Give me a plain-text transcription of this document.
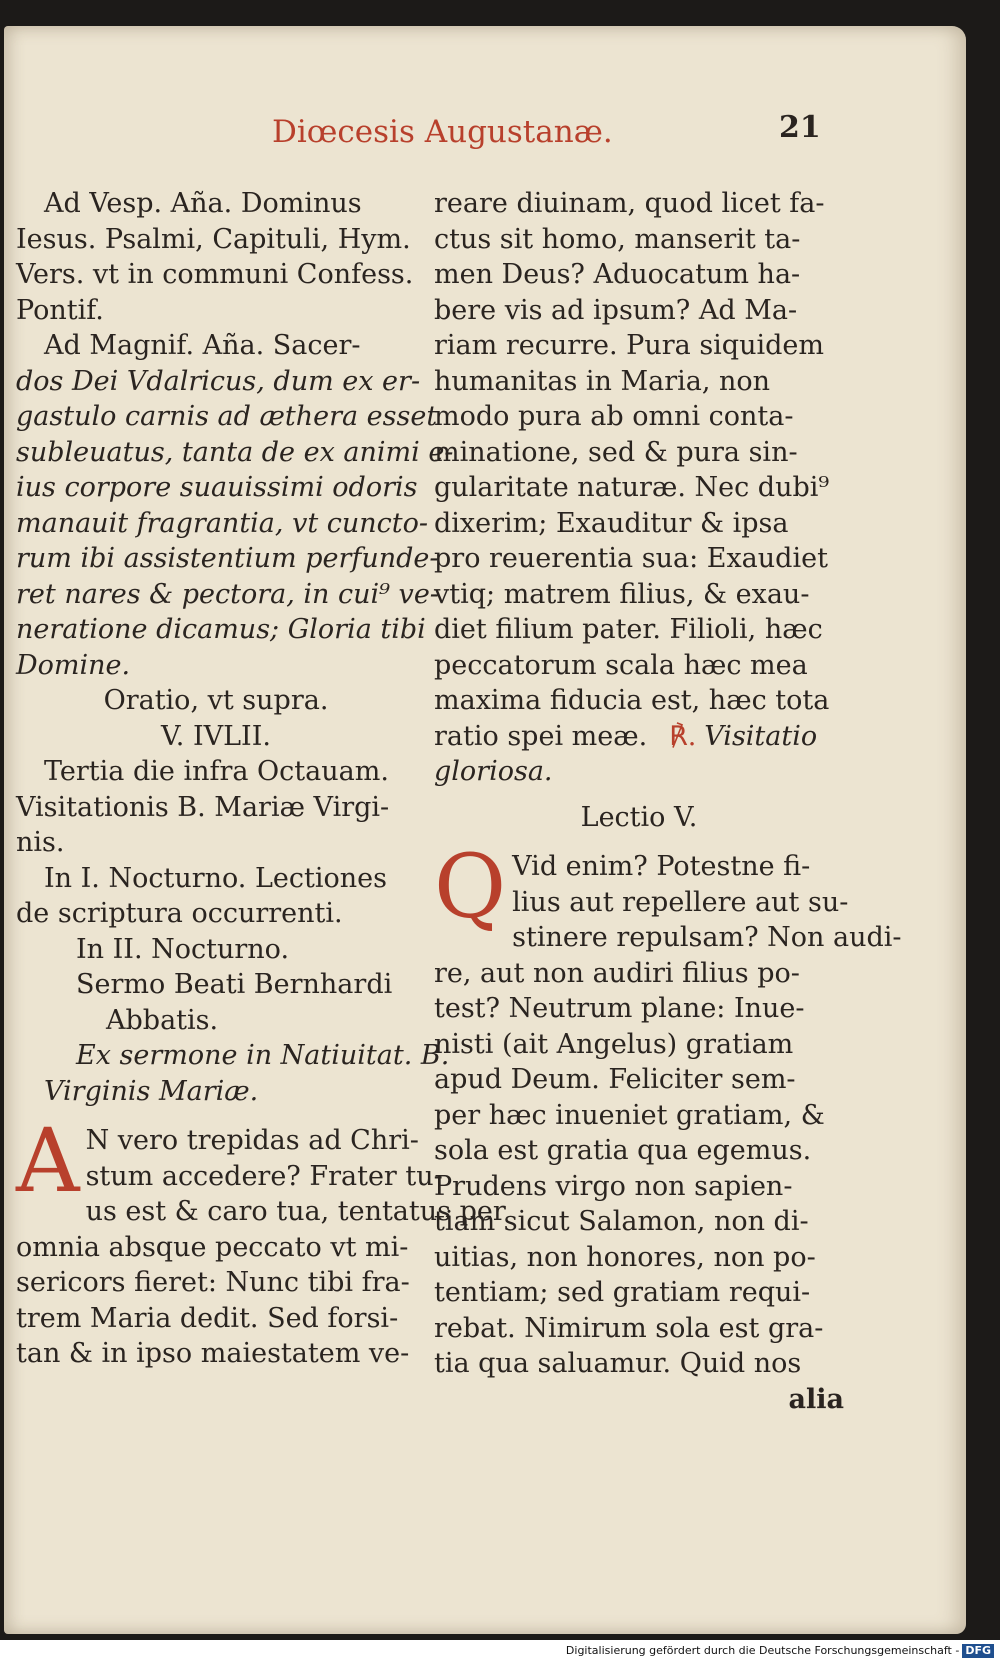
Diœcesis Augustanæ.	21
Ad Vesp. Aña. Dominus
Iesus. Psalmi, Capituli, Hym.
Vers. vt in communi Confess.
Pontif.
Ad Magnif. Aña. Sacer-
dos Dei Vdalricus, dum ex er-
gastulo carnis ad æthera esset
subleuatus, tanta de ex animi e-
ius corpore suauissimi odoris
manauit fragrantia, vt cuncto-
rum ibi assistentium perfunde-
ret nares & pectora, in cui⁹ ve-
neratione dicamus; Gloria tibi
Domine.
Oratio, vt supra.
V. IVLII.
Tertia die infra Octauam.
Visitationis B. Mariæ Virgi-
nis.
In I. Nocturno. Lectiones
de scriptura occurrenti.
In II. Nocturno.
Sermo Beati Bernhardi
Abbatis.
Ex sermone in Natiuitat. B.
Virginis Mariæ.
A N vero trepidas ad Chri-
stum accedere? Frater tu-
us est & caro tua, tentatus per
omnia absque peccato vt mi-
sericors fieret: Nunc tibi fra-
trem Maria dedit. Sed forsi-
tan & in ipso maiestatem ve-
reare diuinam, quod licet fa-
ctus sit homo, manserit ta-
men Deus? Aduocatum ha-
bere vis ad ipsum? Ad Ma-
riam recurre. Pura siquidem
humanitas in Maria, non
modo pura ab omni conta-
minatione, sed & pura sin-
gularitate naturæ. Nec dubi⁹
dixerim; Exauditur & ipsa
pro reuerentia sua: Exaudiet
vtiq; matrem filius, & exau-
diet filium pater. Filioli, hæc
peccatorum scala hæc mea
maxima fiducia est, hæc tota
ratio spei meæ. ℟. Visitatio
gloriosa.
Lectio V.
Q Vid enim? Potestne fi-
lius aut repellere aut su-
stinere repulsam? Non audi-
re, aut non audiri filius po-
test? Neutrum plane: Inue-
nisti (ait Angelus) gratiam
apud Deum. Feliciter sem-
per hæc inueniet gratiam, &
sola est gratia qua egemus.
Prudens virgo non sapien-
tiam sicut Salamon, non di-
uitias, non honores, non po-
tentiam; sed gratiam requi-
rebat. Nimirum sola est gra-
tia qua saluamur. Quid nos
alia
Digitalisierung gefördert durch die Deutsche Forschungsgemeinschaft - DFG
